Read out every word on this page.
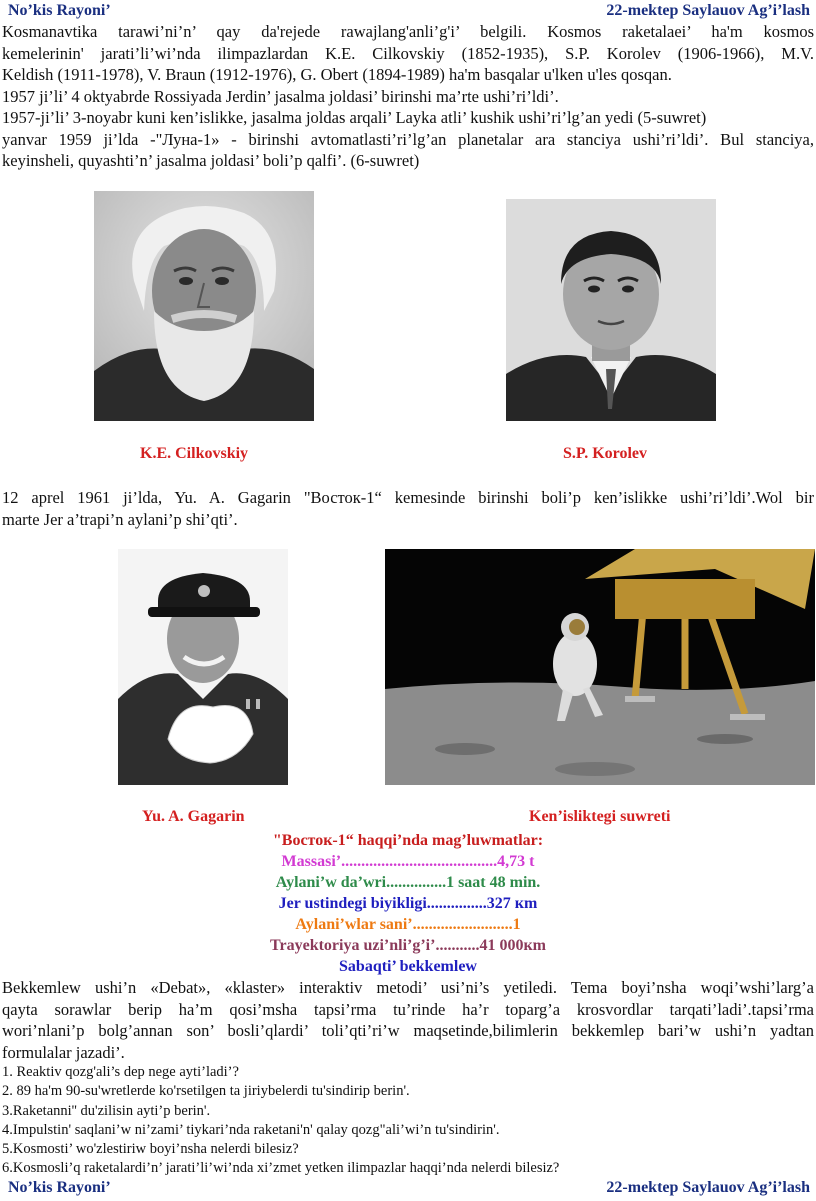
No’kis Rayoni’	22-mektep Saylauov Ag’i’lash
Kosmanavtika tarawi’ni’n’ qay da'rejede rawajlang'anli’g'i’ belgili. Kosmos raketalaei’ ha'm kosmos
kemelerinin' jarati’li’wi’nda ilimpazlardan K.E. Cilkovskiy (1852-1935), S.P. Korolev (1906-1966), M.V.
Keldish (1911-1978), V. Braun (1912-1976), G. Obert (1894-1989) ha'm basqalar u'lken u'les qosqan.
1957 ji’li’ 4 oktyabrde Rossiyada Jerdin’ jasalma joldasi’ birinshi ma’rte ushi’ri’ldi’.
1957-ji’li’ 3-noyabr kuni ken’islikke, jasalma joldas arqali’ Layka atli’ kushik ushi’ri’lg’an yedi (5-suwret)
yanvar 1959 ji’lda -"Луна-1» - birinshi avtomatlasti’ri’lg’an planetalar ara stanciya ushi’ri’ldi’. Bul stanciya,
keyinsheli, quyashti’n’ jasalma joldasi’ boli’p qalfi’. (6-suwret)
K.E. Cilkovskiy	S.P. Korolev
12 aprel 1961 ji’lda, Yu. A. Gagarin "Восток-1“ kemesinde birinshi boli’p ken’islikke ushi’ri’ldi’.Wol bir
marte Jer a’trapi’n aylani’p shi’qti’.
Yu. A. Gagarin	Ken’isliktegi suwreti
"Восток-1“ haqqi’nda mag’luwmatlar:
Massasi’.......................................4,73 t
Aylani’w da’wri...............1 saat 48 min.
Jer ustindegi biyikligi...............327 кm
Aylani’wlar sani’.........................1
Trayektoriya uzi’nli’g’i’...........41 000кm
Sabaqti’ bekkemlew
Bekkemlew ushi’n «Debat», «klaster» interaktiv metodi’ usi’ni’s yetiledi. Tema boyi’nsha woqi’wshi’larg’a
qayta sorawlar berip ha’m qosi’msha tapsi’rma tu’rinde ha’r toparg’a krosvordlar tarqati’ladi’.tapsi’rma
wori’nlani’p bolg’annan son’ bosli’qlardi’ toli’qti’ri’w maqsetinde,bilimlerin bekkemlep bari’w ushi’n yadtan
formulalar jazadi’.
1. Reaktiv qozg'ali’s dep nege ayti’ladi’?
2. 89 ha'm 90-su'wretlerde ko'rsetilgen ta jiriybelerdi tu'sindirip berin'.
3.Raketanni'' du'zilisin ayti’p berin'.
4.Impulstin' saqlani’w ni’zami’ tiykari’nda raketani'n' qalay qozg"ali’wi’n tu'sindirin'.
5.Kosmosti’ wo'zlestiriw boyi’nsha nelerdi bilesiz?
6.Kosmosli’q raketalardi’n’ jarati’li’wi’nda xi’zmet yetken ilimpazlar haqqi’nda nelerdi bilesiz?
No’kis Rayoni’	22-mektep Saylauov Ag’i’lash
